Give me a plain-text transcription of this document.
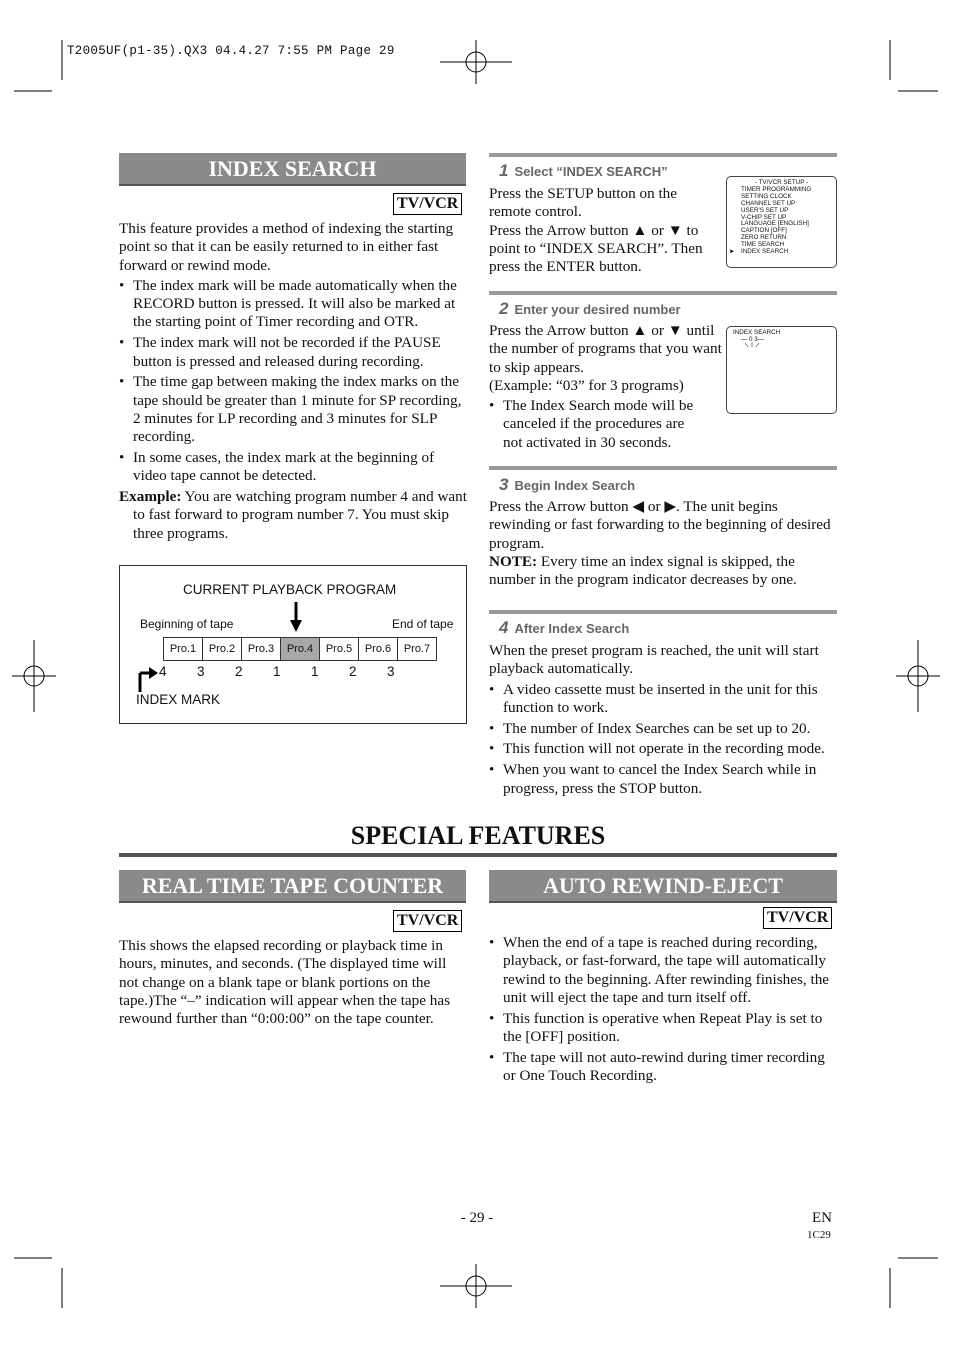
T2005UF(p1-35).QX3 04.4.27 7:55 PM Page 29
INDEX SEARCH
TV/VCR

This feature provides a method of indexing the starting point so that it can be easily returned to in either fast forward or rewind mode.

• The index mark will be made automatically when the RECORD button is pressed. It will also be marked at the starting point of Timer recording and OTR.
• The index mark will not be recorded if the PAUSE button is pressed and released during recording.
• The time gap between making the index marks on the tape should be greater than 1 minute for SP recording, 2 minutes for LP recording and 3 minutes for SLP recording.
• In some cases, the index mark at the beginning of video tape cannot be detected.

Example: You are watching program number 4 and want to fast forward to program number 7. You must skip three programs.

CURRENT PLAYBACK PROGRAM
Beginning of tape	End of tape
Pro.1 Pro.2 Pro.3 Pro.4 Pro.5 Pro.6 Pro.7
4 3 2 1 1 2 3
INDEX MARK
1 Select “INDEX SEARCH”
Press the SETUP button on the remote control.
Press the Arrow button ▲ or ▼ to point to “INDEX SEARCH”. Then press the ENTER button.
- TV/VCR SETUP -
TIMER PROGRAMMING
SETTING CLOCK
CHANNEL SET UP
USER'S SET UP
V-CHIP SET UP
LANGUAGE [ENGLISH]
CAPTION [OFF]
ZERO RETURN
TIME SEARCH
► INDEX SEARCH
2 Enter your desired number
Press the Arrow button ▲ or ▼ until the number of programs that you want to skip appears.
(Example: “03” for 3 programs)
INDEX SEARCH
— 0 3—
• The Index Search mode will be canceled if the procedures are not activated in 30 seconds.
3 Begin Index Search

Press the Arrow button ◀ or ▶. The unit begins rewinding or fast forwarding to the beginning of desired program.

NOTE: Every time an index signal is skipped, the number in the program indicator decreases by one.

4 After Index Search

When the preset program is reached, the unit will start playback automatically.

• A video cassette must be inserted in the unit for this function to work.
• The number of Index Searches can be set up to 20.
• This function will not operate in the recording mode.
• When you want to cancel the Index Search while in progress, press the STOP button.
SPECIAL FEATURES
REAL TIME TAPE COUNTER
TV/VCR
This shows the elapsed recording or playback time in hours, minutes, and seconds. (The displayed time will not change on a blank tape or blank portions on the tape.)The “–” indication will appear when the tape has rewound further than “0:00:00” on the tape counter.
AUTO REWIND-EJECT
TV/VCR
• When the end of a tape is reached during recording, playback, or fast-forward, the tape will automatically rewind to the beginning. After rewinding finishes, the unit will eject the tape and turn itself off.
• This function is operative when Repeat Play is set to the [OFF] position.
• The tape will not auto-rewind during timer recording or One Touch Recording.
- 29 -	EN
1C29
